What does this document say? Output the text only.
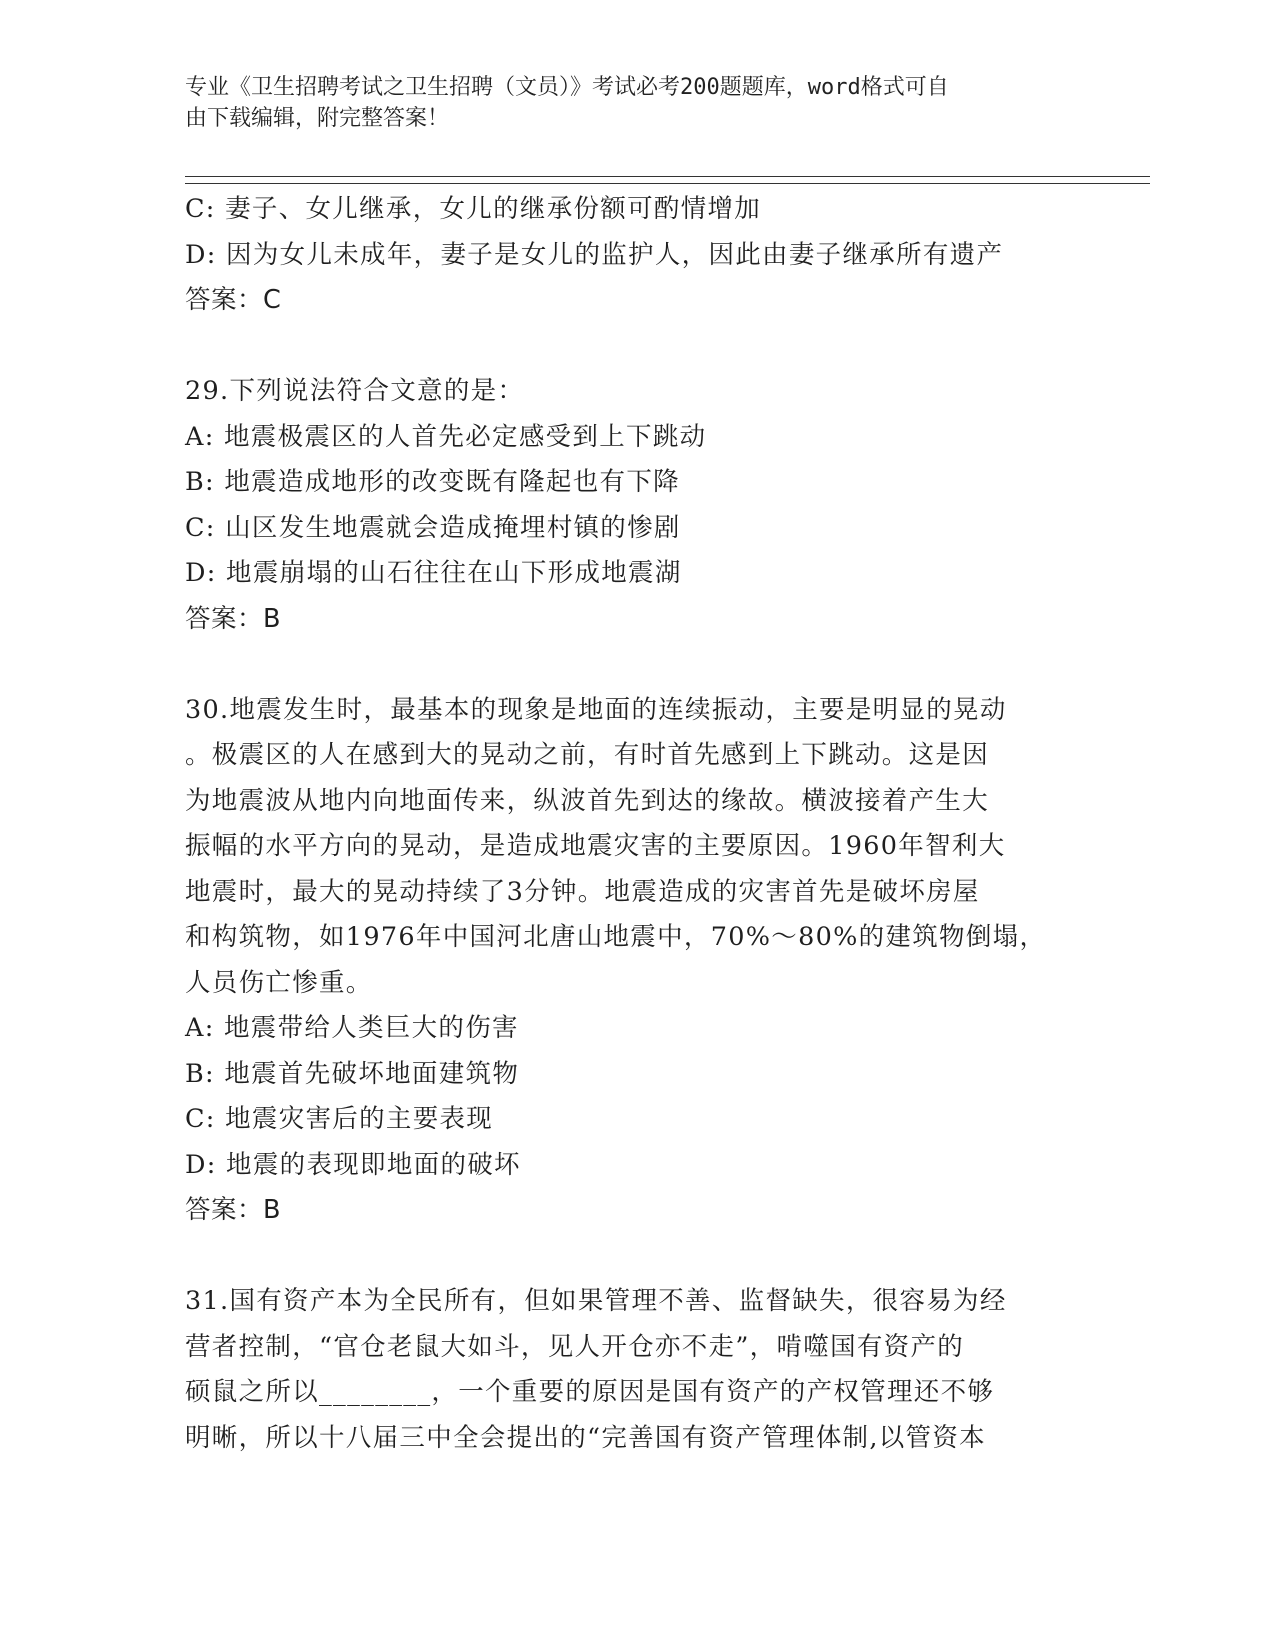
专业《卫生招聘考试之卫生招聘（文员）》考试必考200题题库，word格式可自
由下载编辑，附完整答案！
C: 妻子、女儿继承，女儿的继承份额可酌情增加
D: 因为女儿未成年，妻子是女儿的监护人，因此由妻子继承所有遗产
答案：C
29.下列说法符合文意的是：
A: 地震极震区的人首先必定感受到上下跳动
B: 地震造成地形的改变既有隆起也有下降
C: 山区发生地震就会造成掩埋村镇的惨剧
D: 地震崩塌的山石往往在山下形成地震湖
答案：B
30.地震发生时，最基本的现象是地面的连续振动，主要是明显的晃动
。极震区的人在感到大的晃动之前，有时首先感到上下跳动。这是因
为地震波从地内向地面传来，纵波首先到达的缘故。横波接着产生大
振幅的水平方向的晃动，是造成地震灾害的主要原因。1960年智利大
地震时，最大的晃动持续了3分钟。地震造成的灾害首先是破坏房屋
和构筑物，如1976年中国河北唐山地震中，70%～80%的建筑物倒塌，
人员伤亡惨重。
A: 地震带给人类巨大的伤害
B: 地震首先破坏地面建筑物
C: 地震灾害后的主要表现
D: 地震的表现即地面的破坏
答案：B
31.国有资产本为全民所有，但如果管理不善、监督缺失，很容易为经
营者控制，“官仓老鼠大如斗，见人开仓亦不走”，啃噬国有资产的
硕鼠之所以________，一个重要的原因是国有资产的产权管理还不够
明晰，所以十八届三中全会提出的“完善国有资产管理体制,以管资本
